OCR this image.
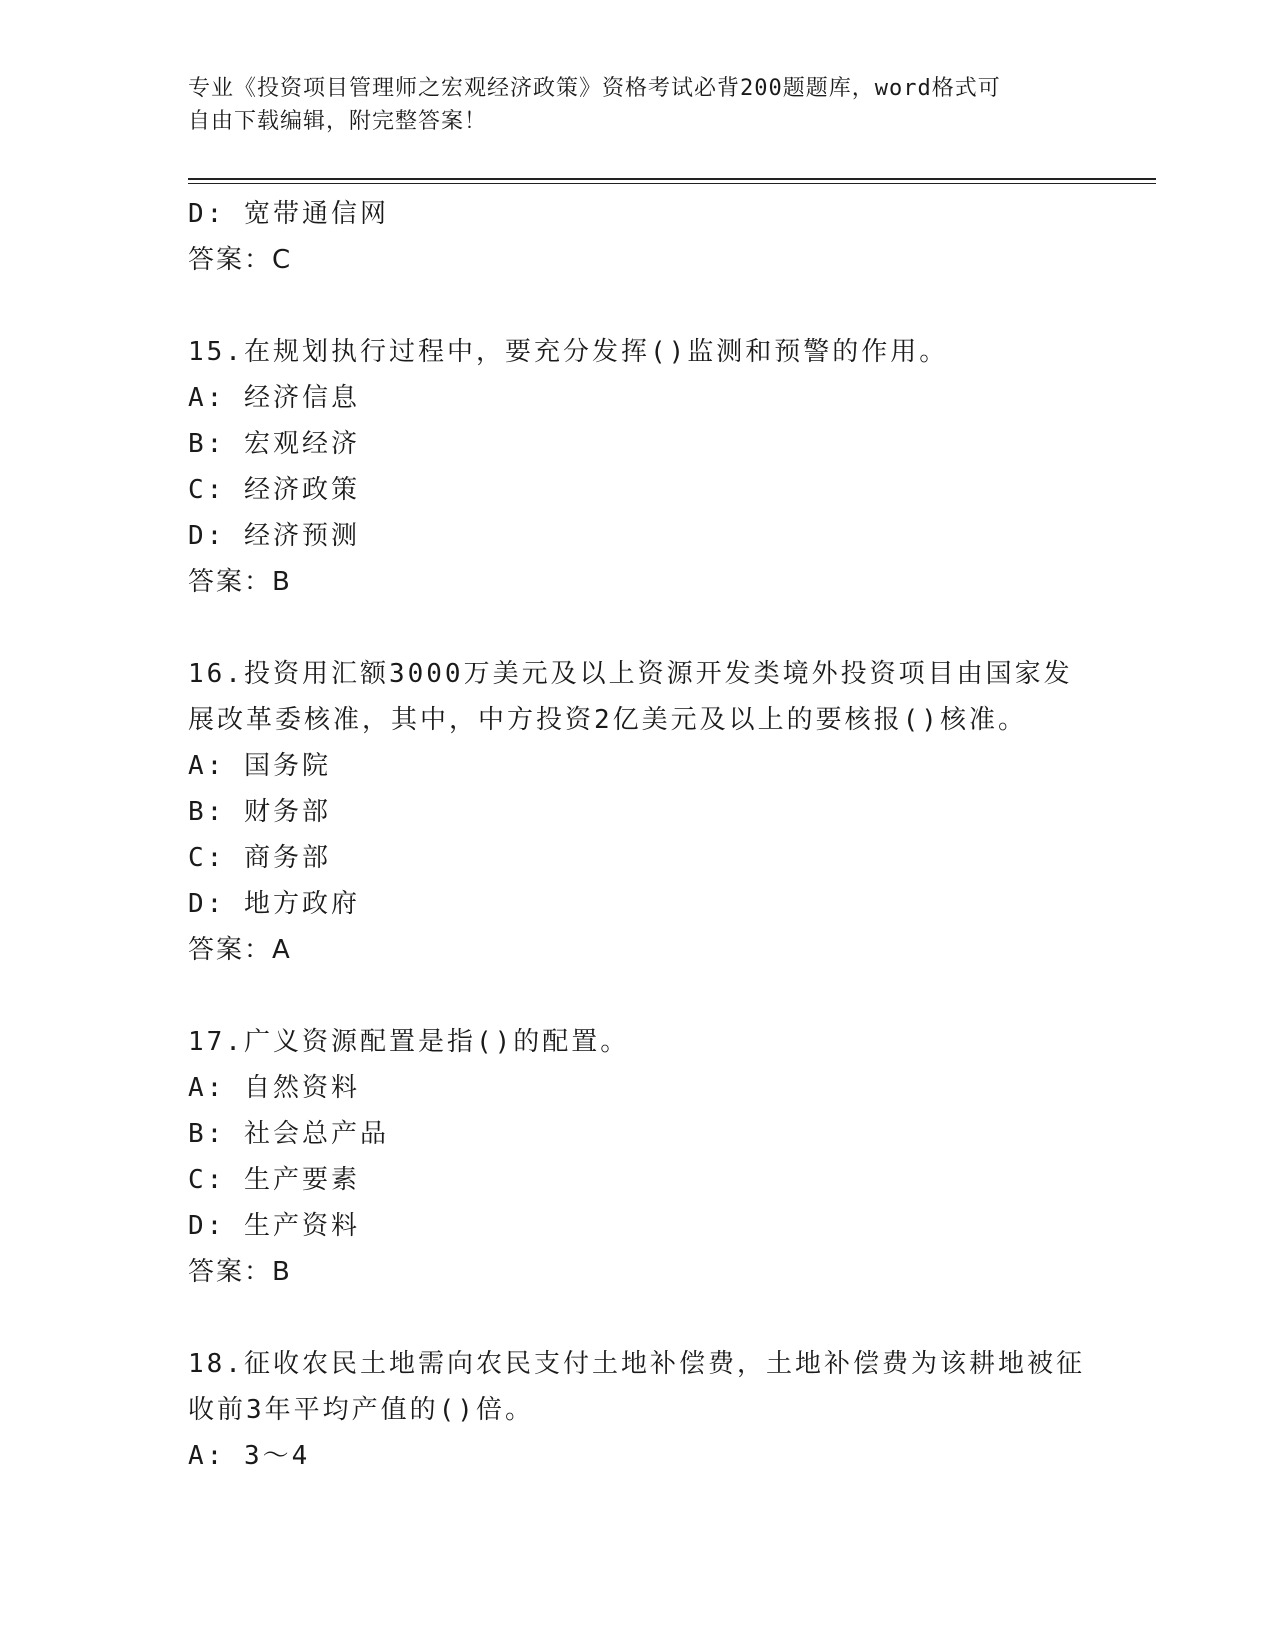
专业《投资项目管理师之宏观经济政策》资格考试必背200题题库，word格式可
自由下载编辑，附完整答案！
D: 宽带通信网
答案：C
15.在规划执行过程中，要充分发挥()监测和预警的作用。
A: 经济信息
B: 宏观经济
C: 经济政策
D: 经济预测
答案：B
16.投资用汇额3000万美元及以上资源开发类境外投资项目由国家发
展改革委核准，其中，中方投资2亿美元及以上的要核报()核准。
A: 国务院
B: 财务部
C: 商务部
D: 地方政府
答案：A
17.广义资源配置是指()的配置。
A: 自然资料
B: 社会总产品
C: 生产要素
D: 生产资料
答案：B
18.征收农民土地需向农民支付土地补偿费，土地补偿费为该耕地被征
收前3年平均产值的()倍。
A: 3～4
